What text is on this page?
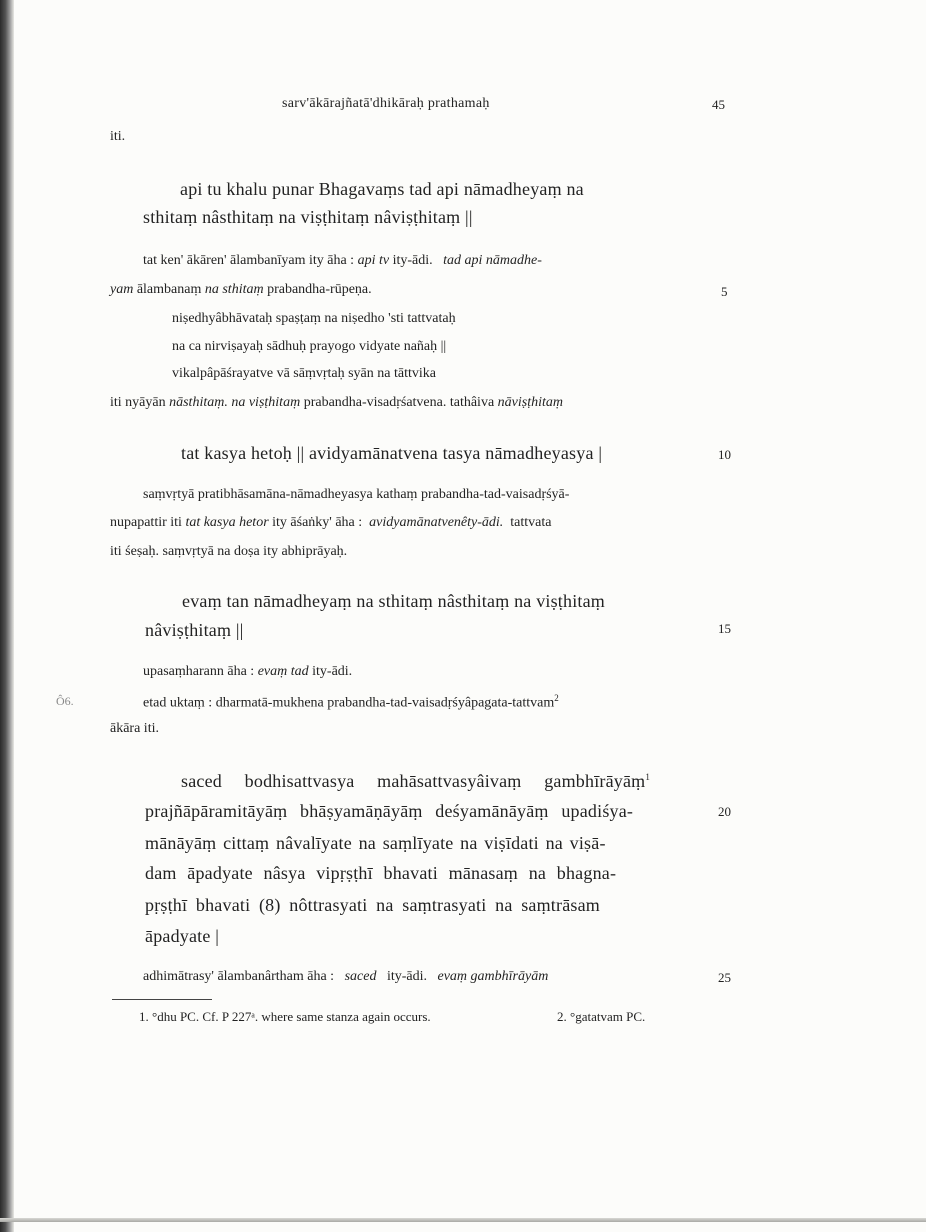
sarv'ākārajñatā'dhikāraḥ prathamaḥ	45
iti.
api tu khalu punar Bhagavaṃs tad api nāmadheyaṃ na
sthitaṃ nâsthitaṃ na viṣṭhitaṃ nâviṣṭhitaṃ ||
tat ken' ākāren' ālambanīyam ity āha : api tv ity-ādi. tad api nāmadhe-
yam ālambanaṃ na sthitaṃ prabandha-rūpeṇa.	5
niṣedhyâbhāvataḥ spaṣṭaṃ na niṣedho 'sti tattvataḥ
na ca nirviṣayaḥ sādhuḥ prayogo vidyate nañaḥ ||
vikalpâpāśrayatve vā sāṃvṛtaḥ syān na tāttvika
iti nyāyān nāsthitaṃ. na viṣṭhitaṃ prabandha-visadṛśatvena. tathâiva nāviṣṭhitaṃ
tat kasya hetoḥ || avidyamānatvena tasya nāmadheyasya |	10
saṃvṛtyā pratibhāsamāna-nāmadheyasya kathaṃ prabandha-tad-vaisadṛśyā-
nupapattir iti tat kasya hetor ity āśaṅky' āha : avidyamānatvenêty-ādi. tattvata
iti śeṣaḥ. saṃvṛtyā na doṣa ity abhiprāyaḥ.
evaṃ tan nāmadheyaṃ na sthitaṃ nâsthitaṃ na viṣṭhitaṃ
nâviṣṭhitaṃ ||	15
upasaṃharann āha : evaṃ tad ity-ādi.
Ô6.	etad uktaṃ : dharmatā-mukhena prabandha-tad-vaisadṛśyâpagata-tattvam$^2$
ākāra iti.
saced bodhisattvasya mahāsattvasyâivaṃ gambhīrāyāṃ$^1$
prajñāpāramitāyāṃ bhāṣyamāṇāyāṃ deśyamānāyāṃ upadiśya-	20
mānāyāṃ cittaṃ nâvalīyate na saṃlīyate na viṣīdati na viṣā-
dam āpadyate nâsya vipṛṣṭhī bhavati mānasaṃ na bhagna-
pṛṣṭhī bhavati (8) nôttrasyati na saṃtrasyati na saṃtrāsam
āpadyate |
adhimātrasy' ālambanârtham āha : saced ity-ādi. evaṃ gambhīrāyām	25
1. °dhu PC. Cf. P 227ᵃ. where same stanza again occurs.	2. °gatatvam PC.
